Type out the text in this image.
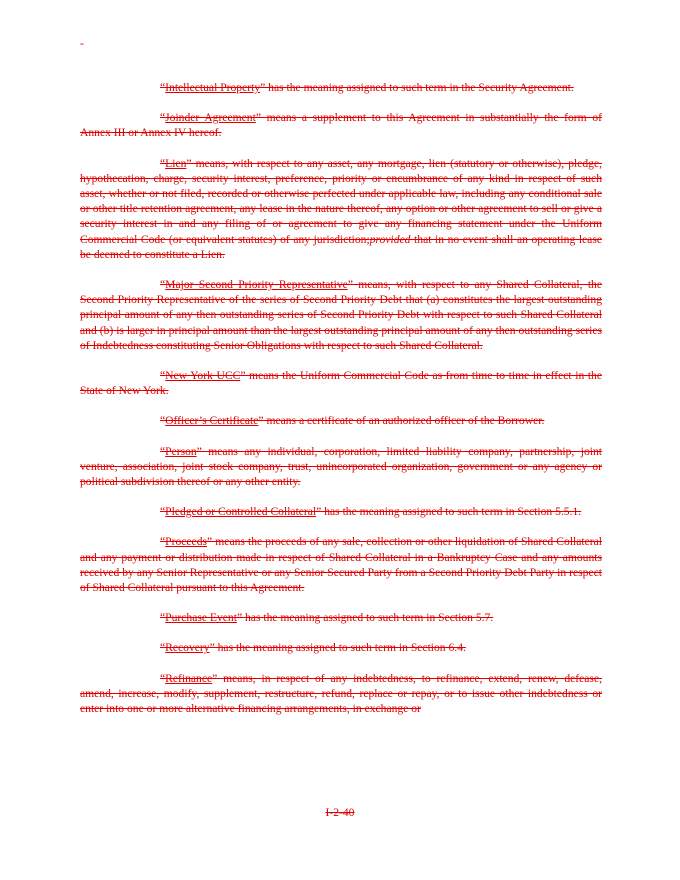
-

“Intellectual Property” has the meaning assigned to such term in the Security Agreement.

“Joinder Agreement” means a supplement to this Agreement in substantially the form of Annex III or Annex IV hereof.

“Lien” means, with respect to any asset, any mortgage, lien (statutory or otherwise), pledge, hypothecation, charge, security interest, preference, priority or encumbrance of any kind in respect of such asset, whether or not filed, recorded or otherwise perfected under applicable law, including any conditional sale or other title retention agreement, any lease in the nature thereof, any option or other agreement to sell or give a security interest in and any filing of or agreement to give any financing statement under the Uniform Commercial Code (or equivalent statutes) of any jurisdiction;provided that in no event shall an operating lease be deemed to constitute a Lien.

“Major Second Priority Representative” means, with respect to any Shared Collateral, the Second Priority Representative of the series of Second Priority Debt that (a) constitutes the largest outstanding principal amount of any then outstanding series of Second Priority Debt with respect to such Shared Collateral and (b) is larger in principal amount than the largest outstanding principal amount of any then outstanding series of Indebtedness constituting Senior Obligations with respect to such Shared Collateral.

“New York UCC” means the Uniform Commercial Code as from time to time in effect in the State of New York.

“Officer’s Certificate” means a certificate of an authorized officer of the Borrower.

“Person” means any individual, corporation, limited liability company, partnership, joint venture, association, joint stock company, trust, unincorporated organization, government or any agency or political subdivision thereof or any other entity.

“Pledged or Controlled Collateral” has the meaning assigned to such term in Section 5.5.1.

“Proceeds” means the proceeds of any sale, collection or other liquidation of Shared Collateral and any payment or distribution made in respect of Shared Collateral in a Bankruptcy Case and any amounts received by any Senior Representative or any Senior Secured Party from a Second Priority Debt Party in respect of Shared Collateral pursuant to this Agreement.

“Purchase Event” has the meaning assigned to such term in Section 5.7.

“Recovery” has the meaning assigned to such term in Section 6.4.

“Refinance” means, in respect of any indebtedness, to refinance, extend, renew, defease, amend, increase, modify, supplement, restructure, refund, replace or repay, or to issue other indebtedness or enter into one or more alternative financing arrangements, in exchange or

I-2-40
